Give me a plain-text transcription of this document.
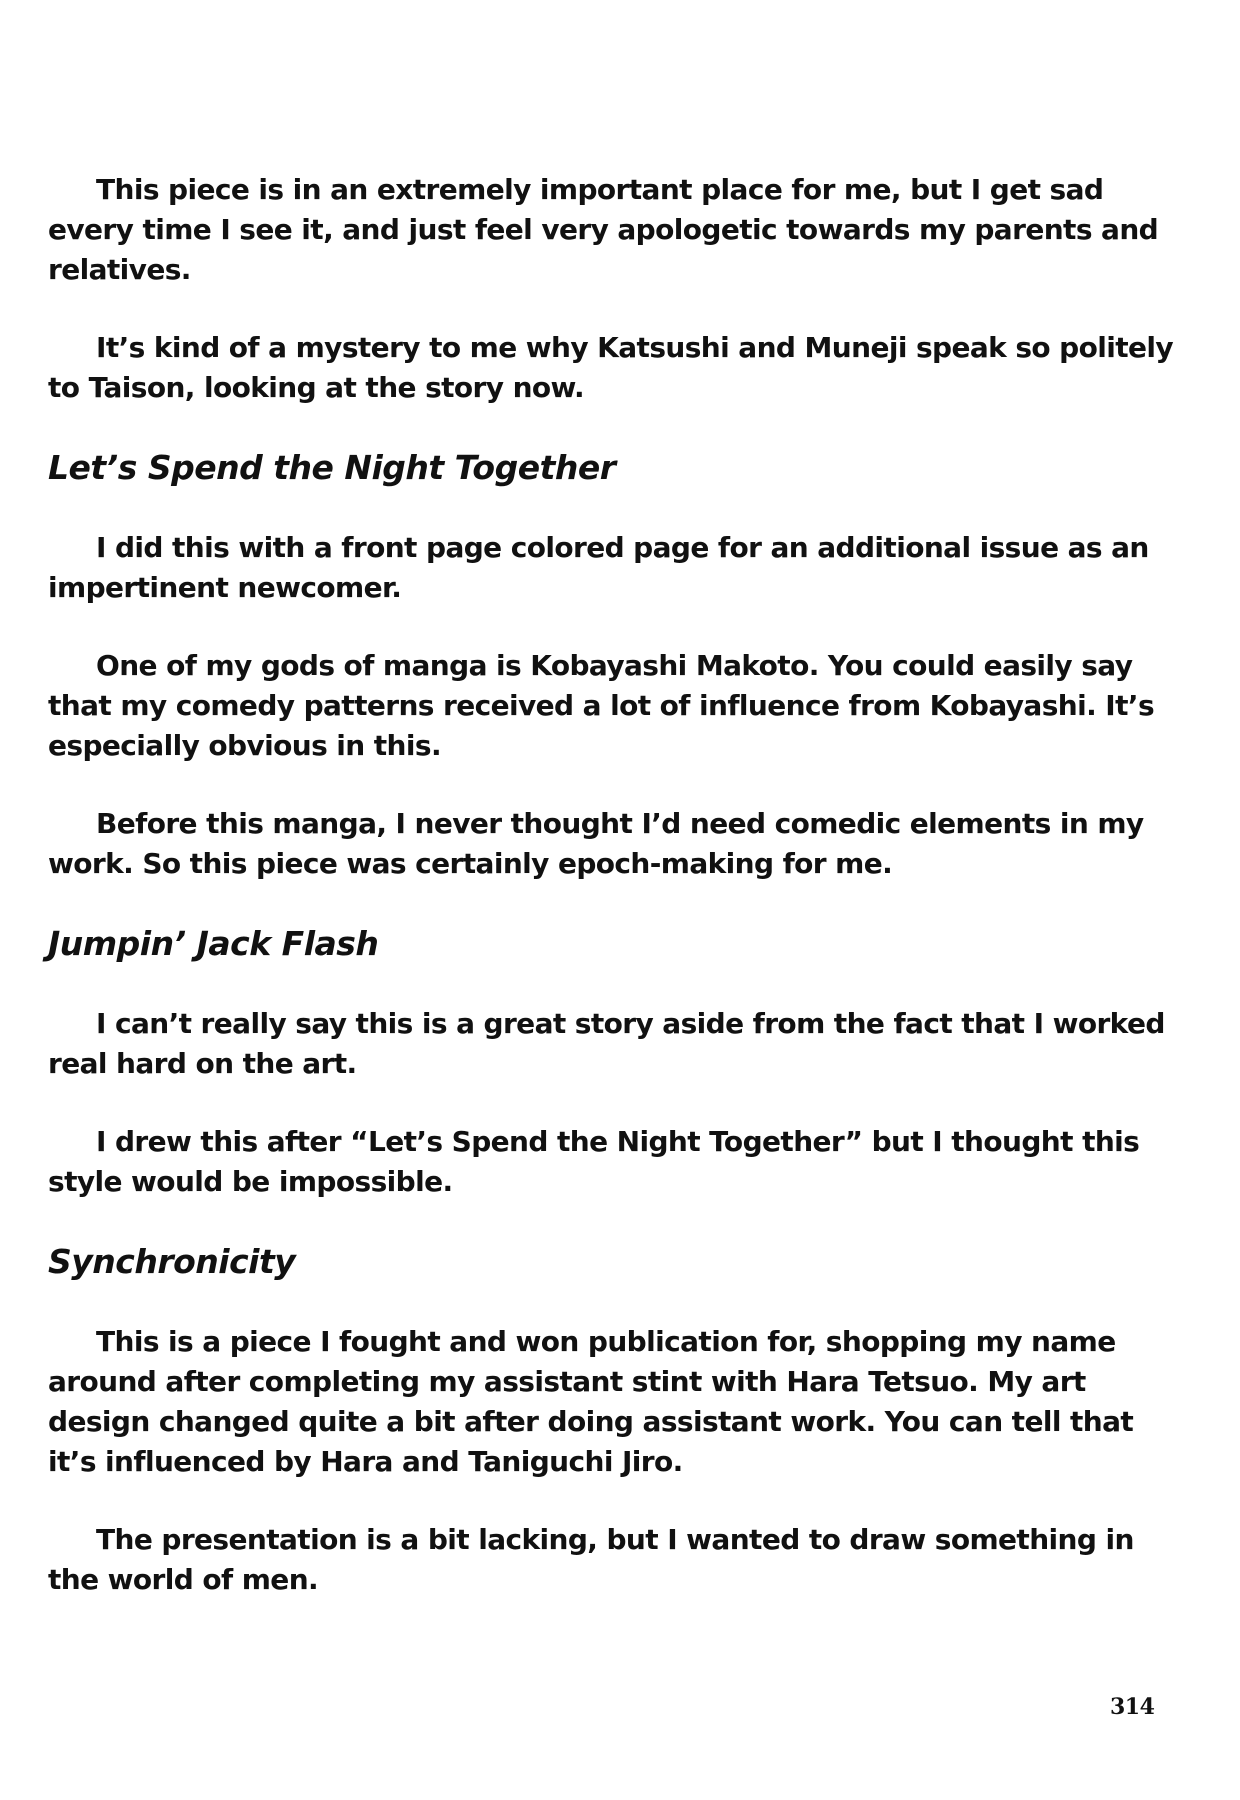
This piece is in an extremely important place for me, but I get sad every time I see it, and just feel very apologetic towards my parents and relatives.

It’s kind of a mystery to me why Katsushi and Muneji speak so politely to Taison, looking at the story now.

Let’s Spend the Night Together

I did this with a front page colored page for an additional issue as an impertinent newcomer.

One of my gods of manga is Kobayashi Makoto. You could easily say that my comedy patterns received a lot of influence from Kobayashi. It’s especially obvious in this.

Before this manga, I never thought I’d need comedic elements in my work. So this piece was certainly epoch-making for me.

Jumpin’ Jack Flash

I can’t really say this is a great story aside from the fact that I worked real hard on the art.

I drew this after “Let’s Spend the Night Together” but I thought this style would be impossible.

Synchronicity

This is a piece I fought and won publication for, shopping my name around after completing my assistant stint with Hara Tetsuo. My art design changed quite a bit after doing assistant work. You can tell that it’s influenced by Hara and Taniguchi Jiro.

The presentation is a bit lacking, but I wanted to draw something in the world of men.

314
